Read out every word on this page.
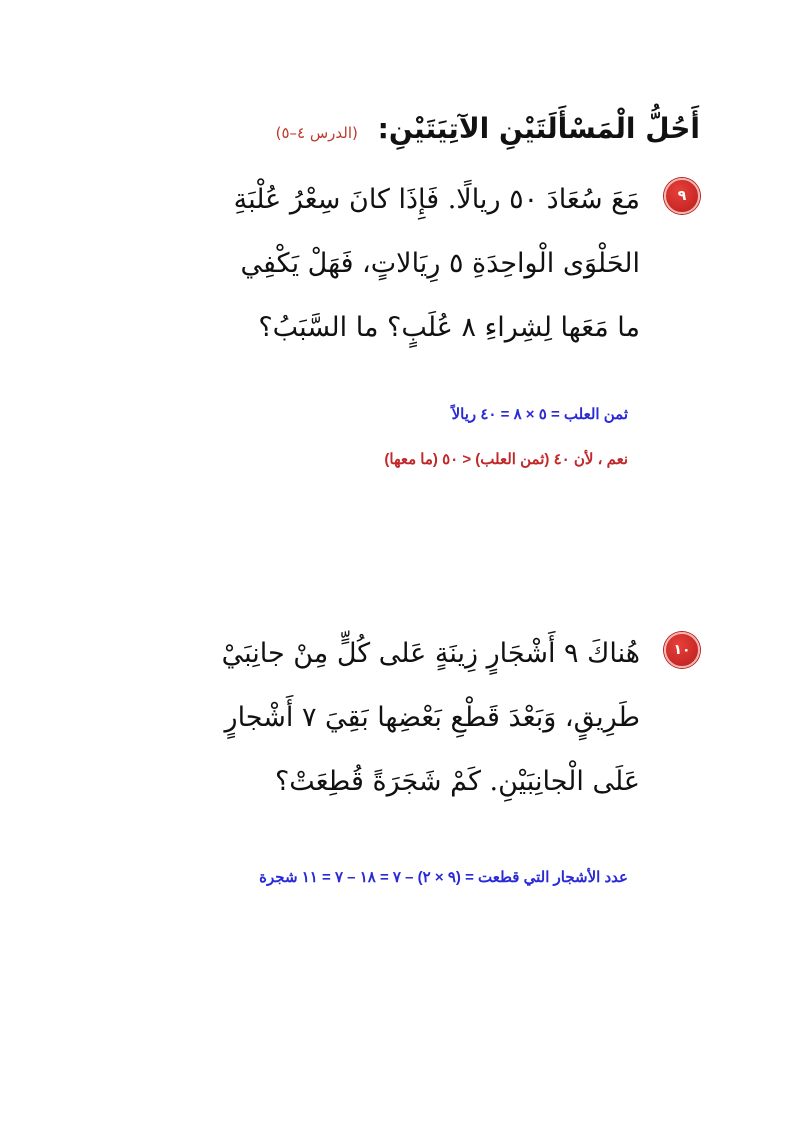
أَحُلُّ الْمَسْأَلَتَيْنِ الآتِيَتَيْنِ: (الدرس ٤–٥)
٩
مَعَ سُعَادَ ٥٠ ريالًا. فَإِذَا كانَ سِعْرُ عُلْبَةِ
الحَلْوَى الْواحِدَةِ ٥ رِيَالاتٍ، فَهَلْ يَكْفِي
ما مَعَها لِشِراءِ ٨ عُلَبٍ؟ ما السَّبَبُ؟
ثمن العلب = ٥ × ٨ = ٤٠ ريالاً
نعم ، لأن ٤٠ (ثمن العلب) < ٥٠ (ما معها)
١٠
هُناكَ ٩ أَشْجَارٍ زِينَةٍ عَلى كُلٍّ مِنْ جانِبَيْ
طَرِيقٍ، وَبَعْدَ قَطْعِ بَعْضِها بَقِيَ ٧ أَشْجارٍ
عَلَى الْجانِبَيْنِ. كَمْ شَجَرَةً قُطِعَتْ؟
عدد الأشجار التي قطعت = (٩ × ٢) – ٧ = ١٨ – ٧ = ١١ شجرة
